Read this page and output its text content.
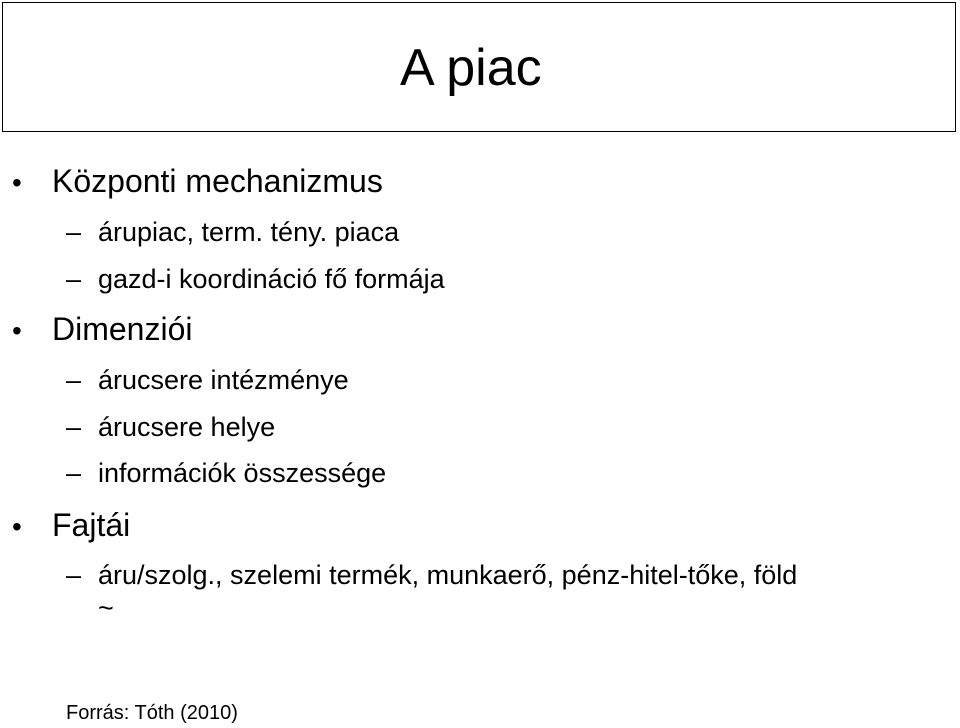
A piac
• Központi mechanizmus
– árupiac, term. tény. piaca
– gazd-i koordináció fő formája
• Dimenziói
– árucsere intézménye
– árucsere helye
– információk összessége
• Fajtái
– áru/szolg., szelemi termék, munkaerő, pénz-hitel-tőke, föld
~
Forrás: Tóth (2010)
